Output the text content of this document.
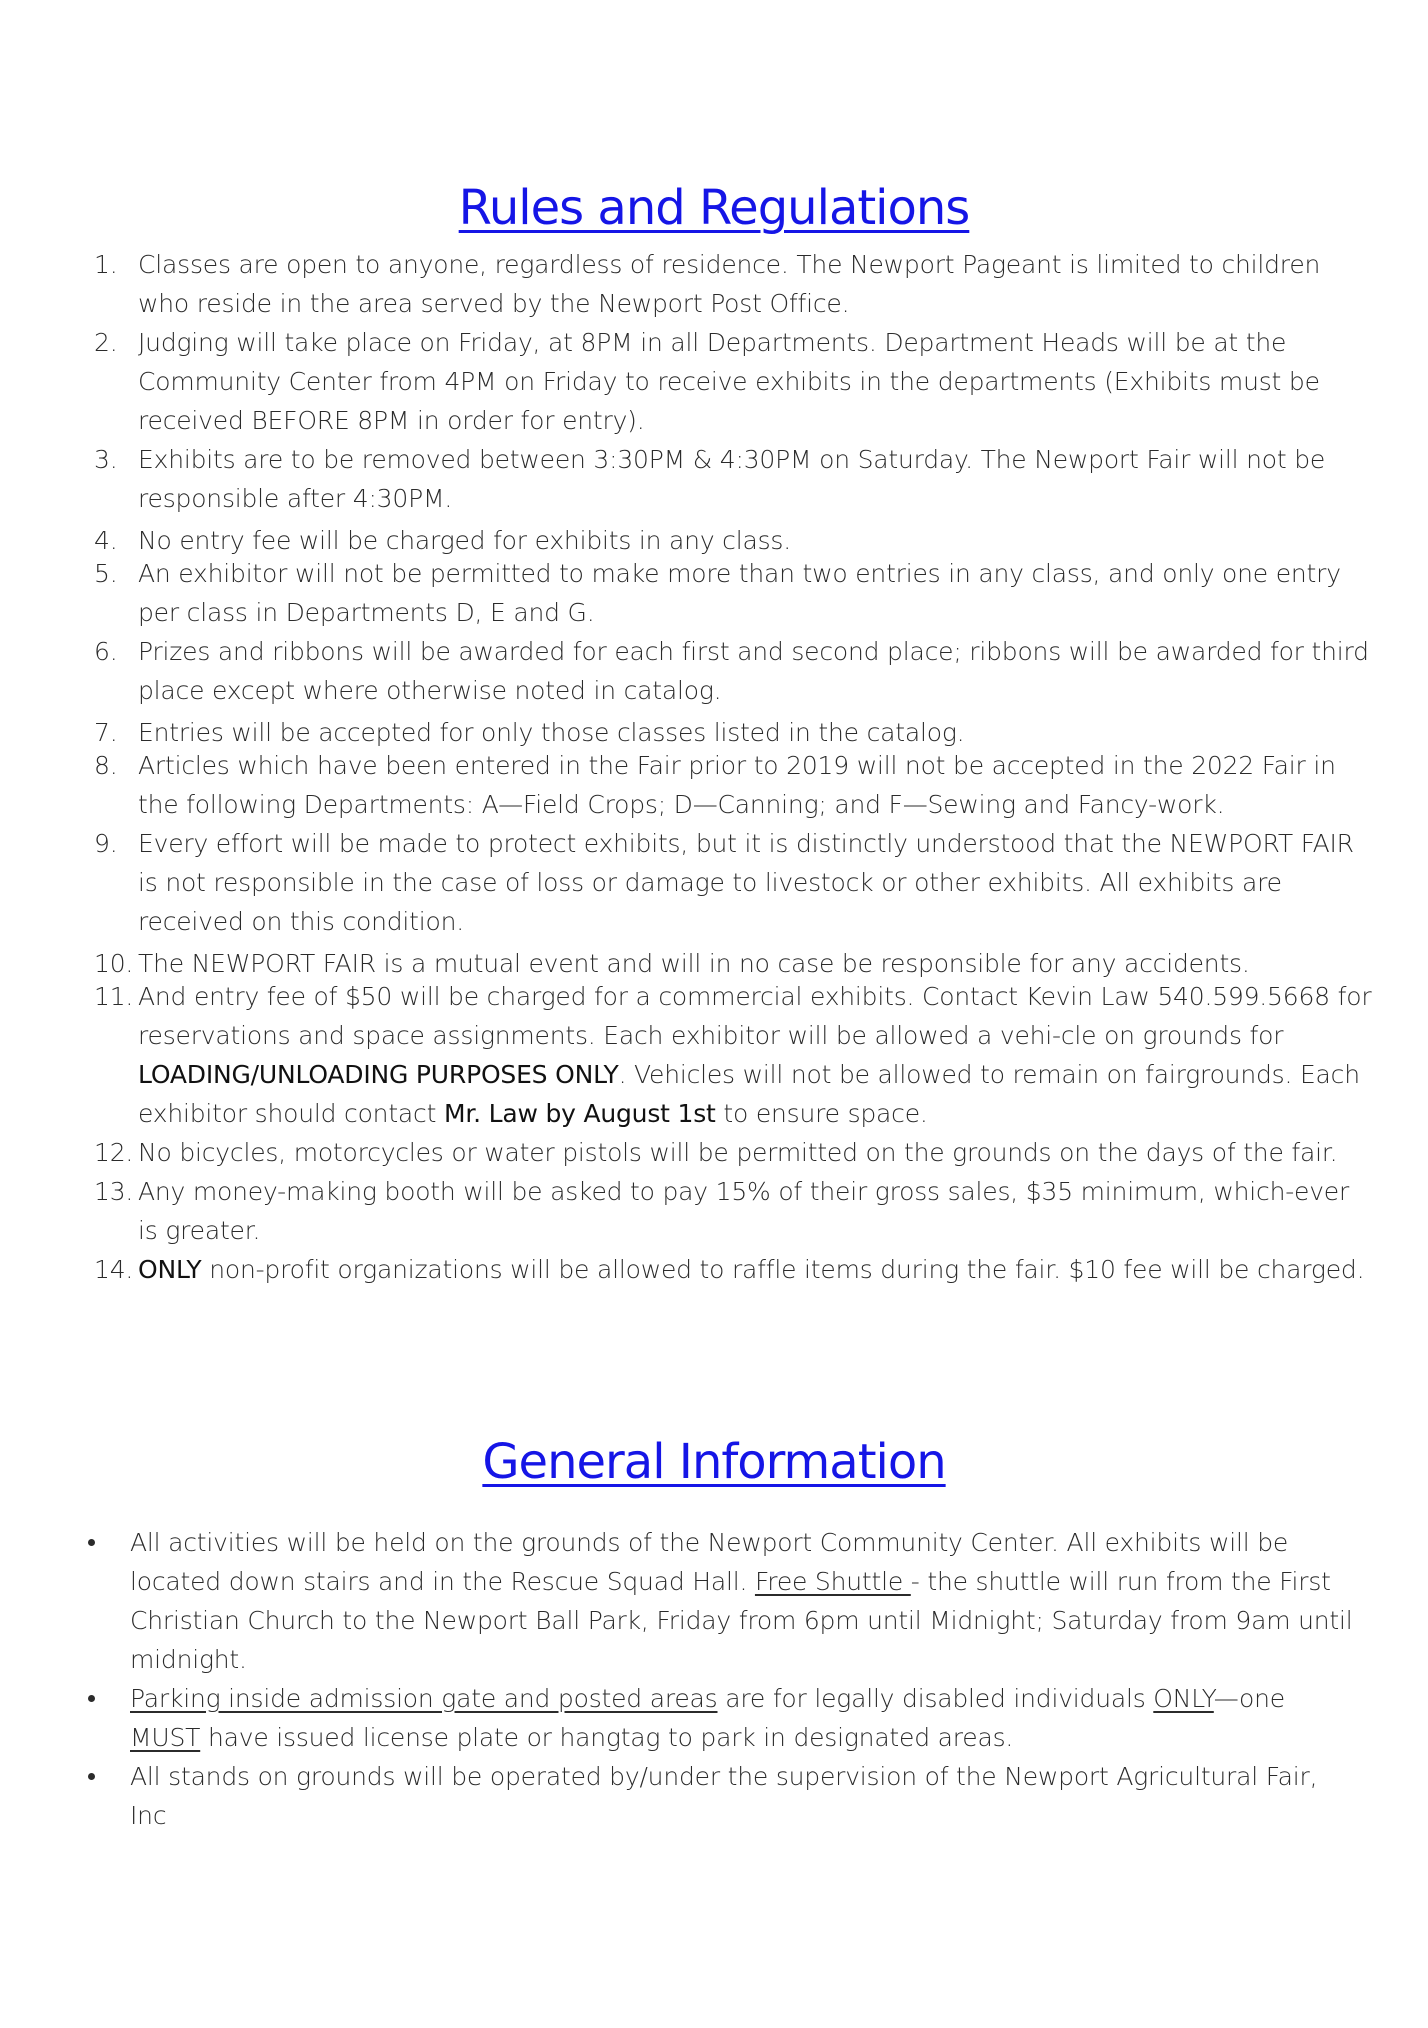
Rules and Regulations
1. Classes are open to anyone, regardless of residence. The Newport Pageant is limited to children who reside in the area served by the Newport Post Office.
2. Judging will take place on Friday, at 8PM in all Departments. Department Heads will be at the Community Center from 4PM on Friday to receive exhibits in the departments (Exhibits must be received BEFORE 8PM in order for entry).
3. Exhibits are to be removed between 3:30PM & 4:30PM on Saturday. The Newport Fair will not be responsible after 4:30PM.
4. No entry fee will be charged for exhibits in any class.
5. An exhibitor will not be permitted to make more than two entries in any class, and only one entry per class in Departments D, E and G.
6. Prizes and ribbons will be awarded for each first and second place; ribbons will be awarded for third place except where otherwise noted in catalog.
7. Entries will be accepted for only those classes listed in the catalog.
8. Articles which have been entered in the Fair prior to 2019 will not be accepted in the 2022 Fair in the following Departments: A—Field Crops; D—Canning; and F—Sewing and Fancy-work.
9. Every effort will be made to protect exhibits, but it is distinctly understood that the NEWPORT FAIR is not responsible in the case of loss or damage to livestock or other exhibits. All exhibits are received on this condition.
10. The NEWPORT FAIR is a mutual event and will in no case be responsible for any accidents.
11. And entry fee of $50 will be charged for a commercial exhibits. Contact Kevin Law 540.599.5668 for reservations and space assignments. Each exhibitor will be allowed a vehi-cle on grounds for LOADING/UNLOADING PURPOSES ONLY. Vehicles will not be allowed to remain on fairgrounds. Each exhibitor should contact Mr. Law by August 1st to ensure space.
12. No bicycles, motorcycles or water pistols will be permitted on the grounds on the days of the fair.
13. Any money-making booth will be asked to pay 15% of their gross sales, $35 minimum, which-ever is greater.
14. ONLY non-profit organizations will be allowed to raffle items during the fair. $10 fee will be charged.
General Information
All activities will be held on the grounds of the Newport Community Center. All exhibits will be located down stairs and in the Rescue Squad Hall. Free Shuttle - the shuttle will run from the First Christian Church to the Newport Ball Park, Friday from 6pm until Midnight; Saturday from 9am until midnight.
Parking inside admission gate and posted areas are for legally disabled individuals ONLY—one MUST have issued license plate or hangtag to park in designated areas.
All stands on grounds will be operated by/under the supervision of the Newport Agricultural Fair, Inc
